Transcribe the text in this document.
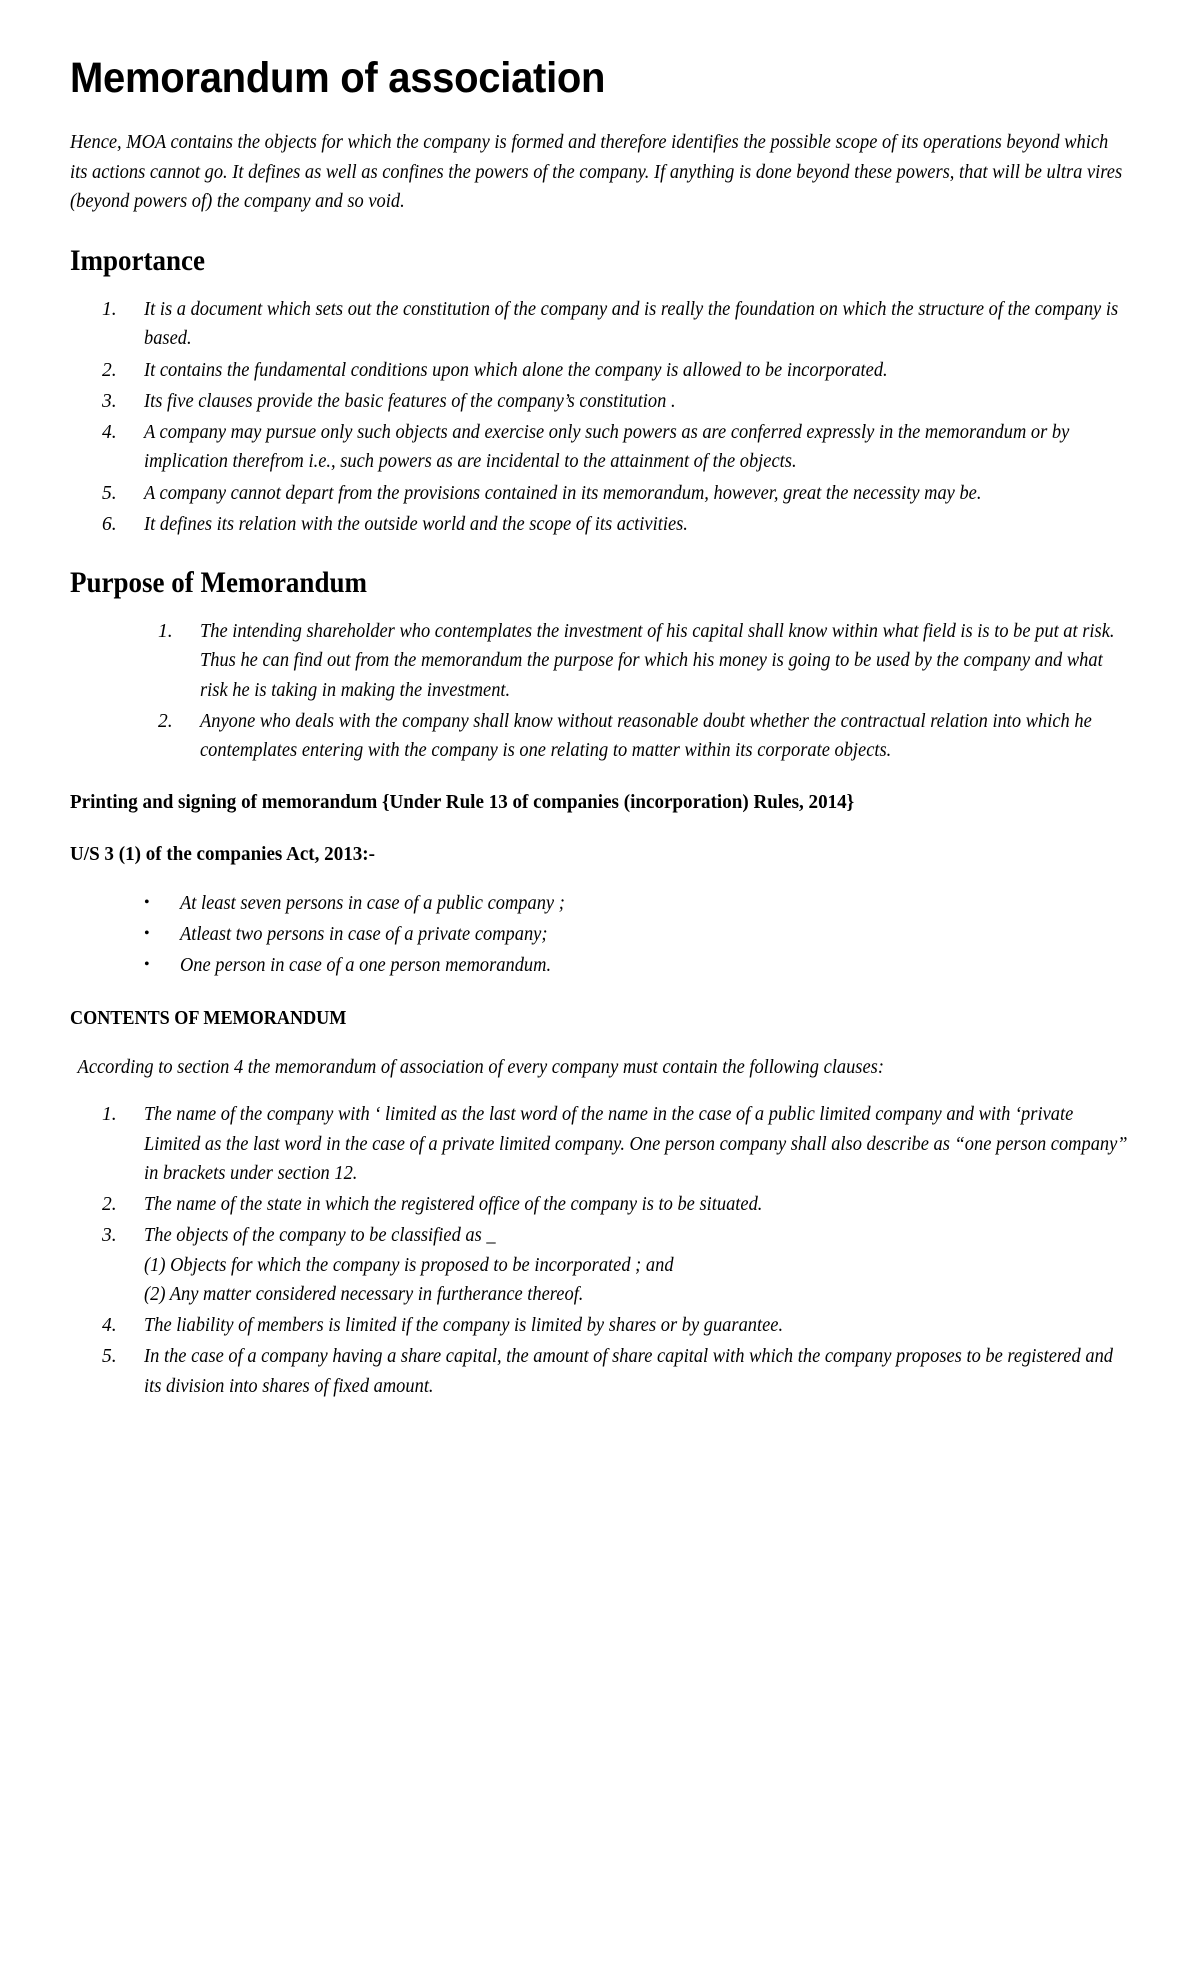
Memorandum of association

Hence, MOA contains the objects for which the company is formed and therefore identifies the possible scope of its operations beyond which its actions cannot go. It defines as well as confines the powers of the company. If anything is done beyond these powers, that will be ultra vires (beyond powers of) the company and so void.

Importance
1.	It is a document which sets out the constitution of the company and is really the foundation on which the structure of the company is based.
2.	It contains the fundamental conditions upon which alone the company is allowed to be incorporated.
3.	Its five clauses provide the basic features of the company’s constitution .
4.	A company may pursue only such objects and exercise only such powers as are conferred expressly in the memorandum or by implication therefrom i.e., such powers as are incidental to the attainment of the objects.
5.	A company cannot depart from the provisions contained in its memorandum, however, great the necessity may be.
6.	It defines its relation with the outside world and the scope of its activities.
Purpose of Memorandum
1.	The intending shareholder who contemplates the investment of his capital shall know within what field is is to be put at risk. Thus he can find out from the memorandum the purpose for which his money is going to be used by the company and what risk he is taking in making the investment.
2.	Anyone who deals with the company shall know without reasonable doubt whether the contractual relation into which he contemplates entering with the company is one relating to matter within its corporate objects.
Printing and signing of memorandum {Under Rule 13 of companies (incorporation) Rules, 2014}
U/S 3 (1) of the companies Act, 2013:-
•	At least seven persons in case of a public company ;
•	Atleast two persons in case of a private company;
•	One person in case of a one person memorandum.
CONTENTS OF MEMORANDUM

According to section 4 the memorandum of association of every company must contain the following clauses:

1.	The name of the company with ‘ limited as the last word of the name in the case of a public limited company and with ‘private Limited as the last word in the case of a private limited company. One person company shall also describe as “one person company” in brackets under section 12.
2.	The name of the state in which the registered office of the company is to be situated.
3.	The objects of the company to be classified as _
(1) Objects for which the company is proposed to be incorporated ; and
(2) Any matter considered necessary in furtherance thereof.
4.	The liability of members is limited if the company is limited by shares or by guarantee.
5.	In the case of a company having a share capital, the amount of share capital with which the company proposes to be registered and its division into shares of fixed amount.
